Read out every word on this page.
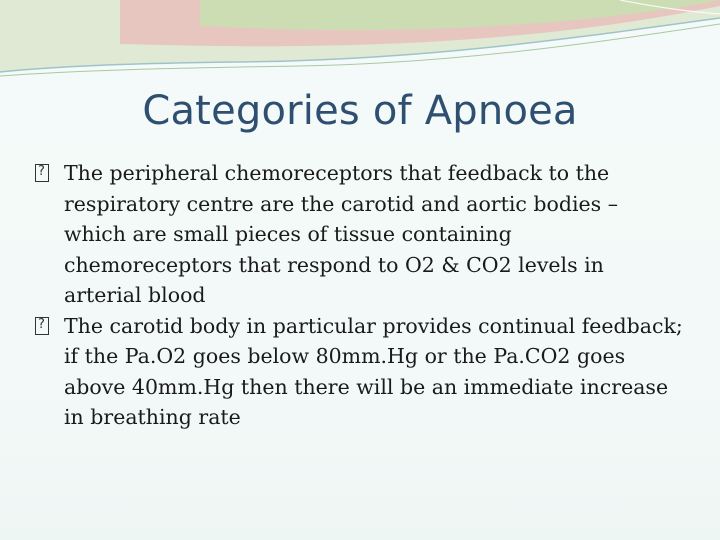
Categories of Apnoea
? The peripheral chemoreceptors that feedback to the respiratory centre are the carotid and aortic bodies – which are small pieces of tissue containing chemoreceptors that respond to O2 & CO2 levels in arterial blood
? The carotid body in particular provides continual feedback; if the Pa.O2 goes below 80mm.Hg or the Pa.CO2 goes above 40mm.Hg then there will be an immediate increase in breathing rate
